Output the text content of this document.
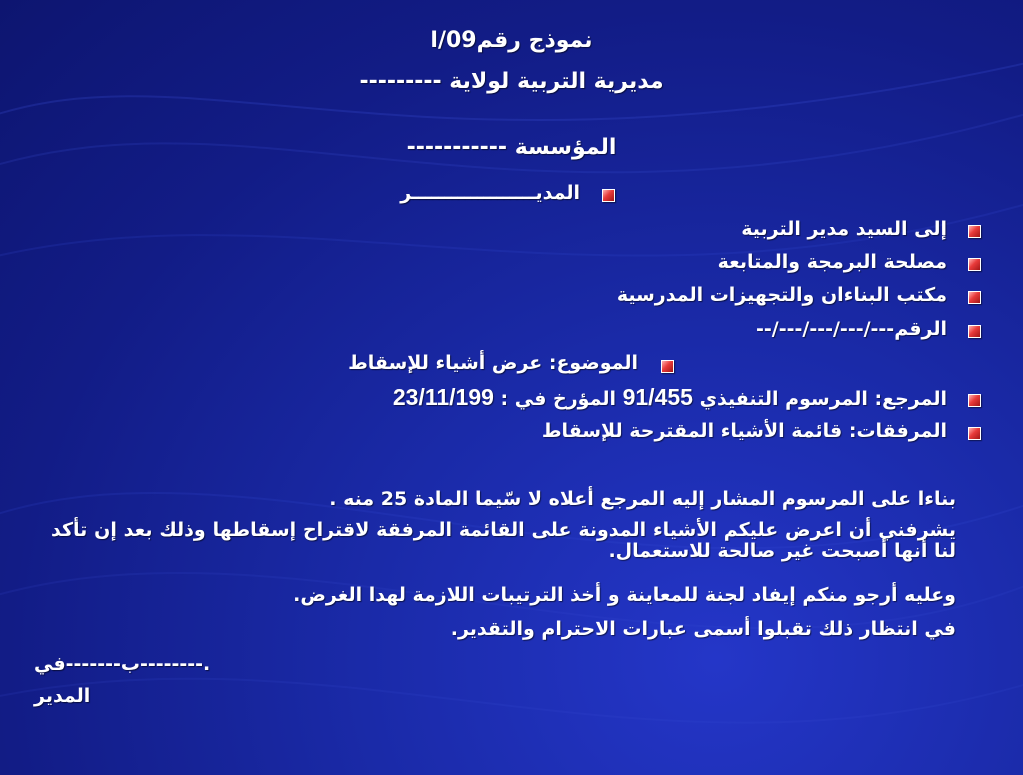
نموذج رقم09/ا
مديرية التربية لولاية ---------
المؤسسة -----------
المديـــــــــــــــــــر
إلى السيد مدير التربية
مصلحة البرمجة والمتابعة
مكتب البناءان والتجهيزات المدرسية
الرقم---/---/---/---/--
الموضوع: عرض أشياء للإسقاط
المرجع: المرسوم التنفيذي 91/455 المؤرخ في : 23/11/199
المرفقات: قائمة الأشياء المقترحة للإسقاط
بناءا على المرسوم المشار إليه المرجع أعلاه لا سّيما المادة 25 منه .
يشرفني أن اعرض عليكم الأشياء المدونة على القائمة المرفقة لاقتراح إسقاطها وذلك بعد إن تأكد لنا أنها أصبحت غير صالحة للاستعمال.
وعليه أرجو منكم إيفاد لجنة للمعاينة و أخذ الترتيبات اللازمة لهدا الغرض.
في انتظار ذلك تقبلوا أسمى عبارات الاحترام والتقدير.
ب-------في--------.
المدير
